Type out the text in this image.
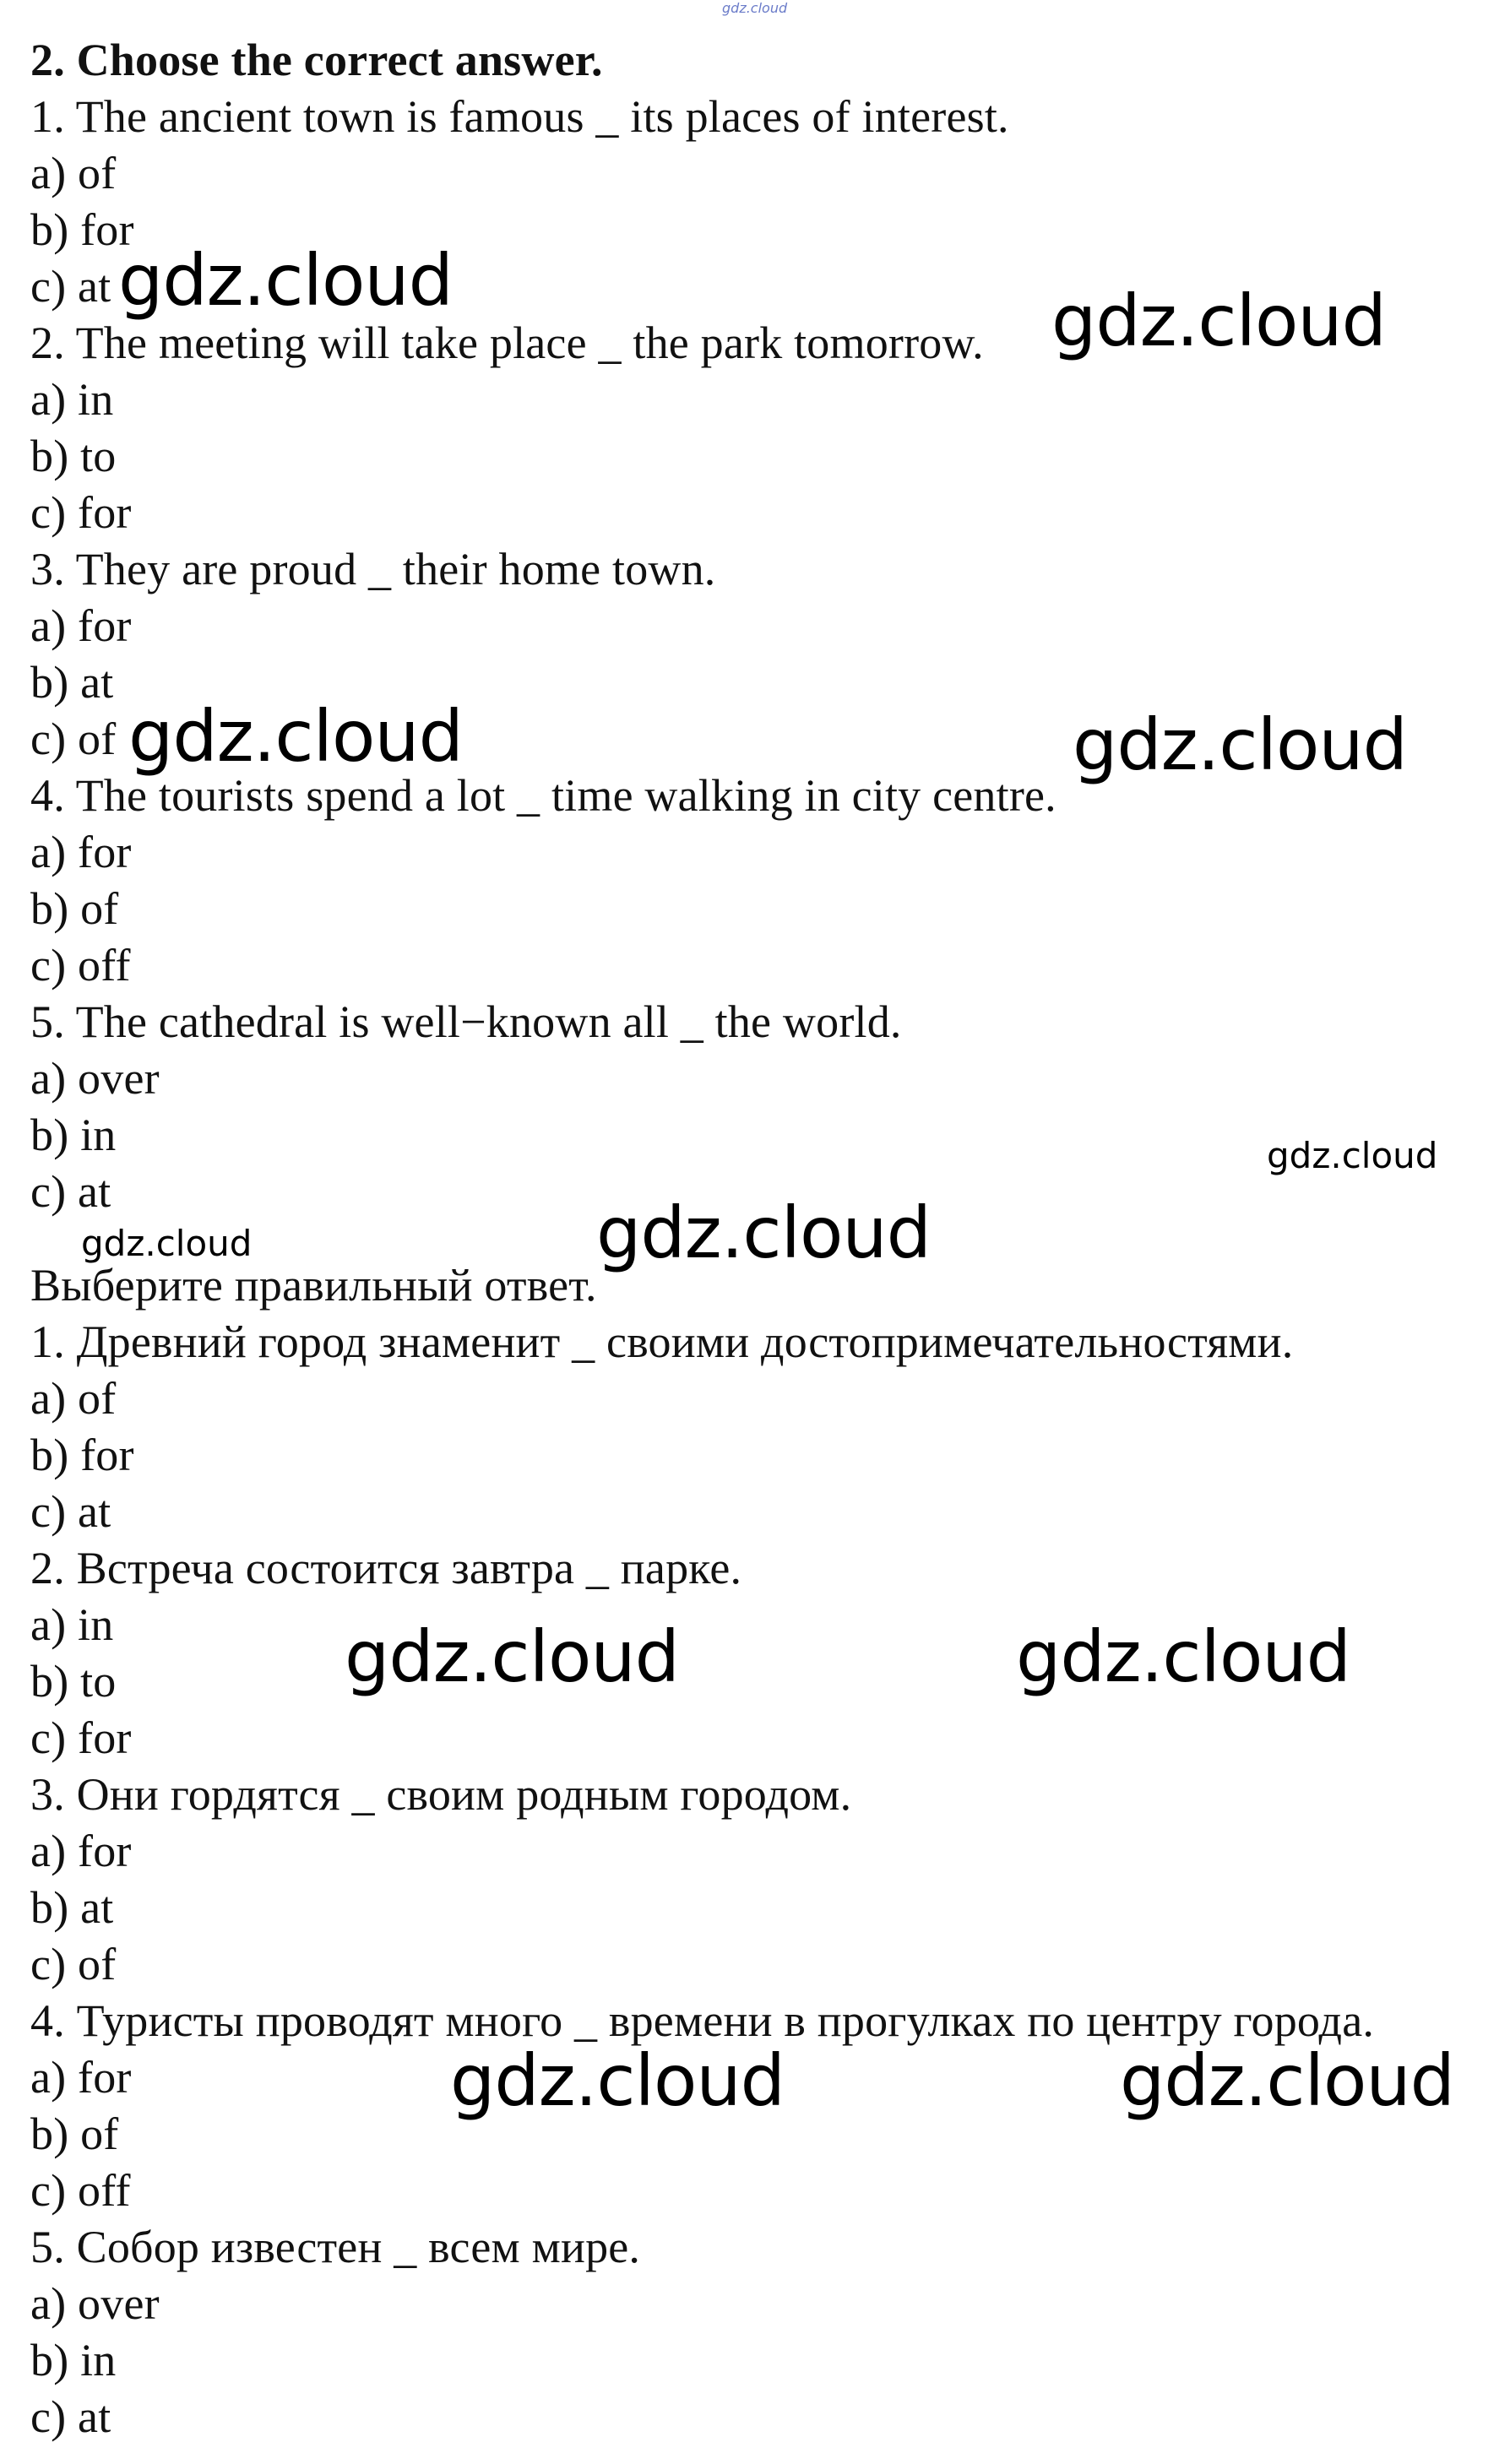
gdz.cloud
2. Choose the correct answer.
1. The ancient town is famous _ its places of interest.
a) of
b) for
c) at
2. The meeting will take place _ the park tomorrow.
a) in
b) to
c) for
3. They are proud _ their home town.
a) for
b) at
c) of
4. The tourists spend a lot _ time walking in city centre.
a) for
b) of
c) off
5. The cathedral is well−known all _ the world.
a) over
b) in
c) at
Выберите правильный ответ.
1. Древний город знаменит _ своими достопримечательностями.
a) of
b) for
c) at
2. Встреча состоится завтра _ парке.
a) in
b) to
c) for
3. Они гордятся _ своим родным городом.
a) for
b) at
c) of
4. Туристы проводят много _ времени в прогулках по центру города.
a) for
b) of
c) off
5. Собор известен _ всем мире.
a) over
b) in
c) at
gdz.cloud	gdz.cloud
gdz.cloud	gdz.cloud
gdz.cloud
gdz.cloud	gdz.cloud
gdz.cloud	gdz.cloud
gdz.cloud	gdz.cloud
